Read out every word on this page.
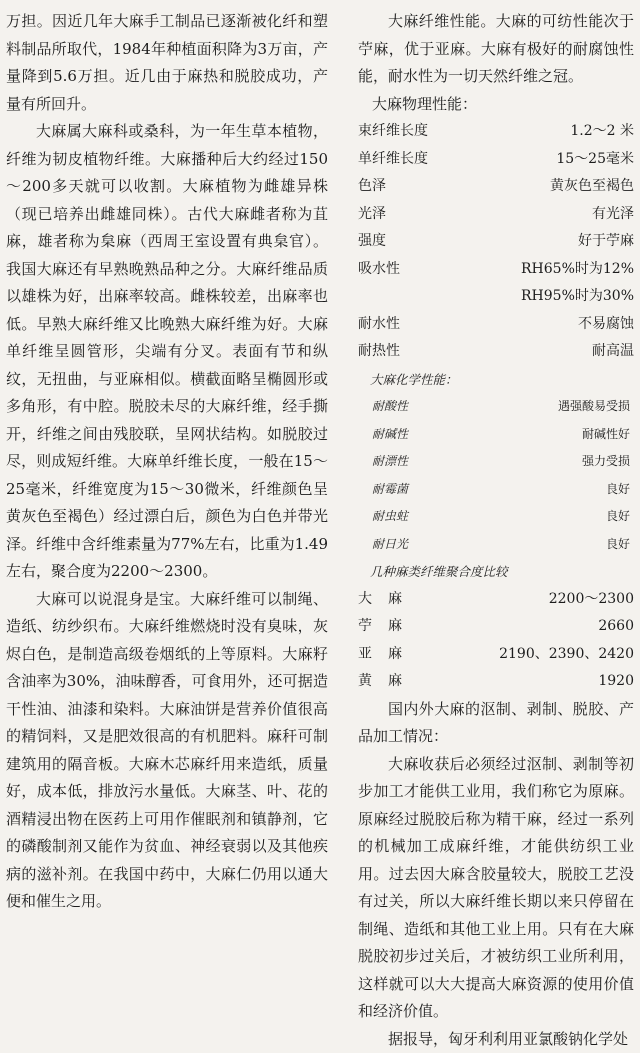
万担。因近几年大麻手工制品已逐渐被化纤和塑料制品所取代，1984年种植面积降为3万亩，产量降到5.6万担。近几由于麻热和脱胶成功，产量有所回升。

大麻属大麻科或桑科，为一年生草本植物，纤维为韧皮植物纤维。大麻播种后大约经过150～200多天就可以收割。大麻植物为雌雄异株（现已培养出雌雄同株）。古代大麻雌者称为苴麻，雄者称为枲麻（西周王室设置有典枲官）。我国大麻还有早熟晚熟品种之分。大麻纤维品质以雄株为好，出麻率较高。雌株较差，出麻率也低。早熟大麻纤维又比晚熟大麻纤维为好。大麻单纤维呈圆管形，尖端有分叉。表面有节和纵纹，无扭曲，与亚麻相似。横截面略呈椭圆形或多角形，有中腔。脱胶未尽的大麻纤维，经手撕开，纤维之间由残胶联，呈网状结构。如脱胶过尽，则成短纤维。大麻单纤维长度，一般在15～25毫米，纤维宽度为15～30微米，纤维颜色呈黄灰色至褐色）经过漂白后，颜色为白色并带光泽。纤维中含纤维素量为77%左右，比重为1.49左右，聚合度为2200～2300。

大麻可以说混身是宝。大麻纤维可以制绳、造纸、纺纱织布。大麻纤维燃烧时没有臭味，灰烬白色，是制造高级卷烟纸的上等原料。大麻籽含油率为30%，油味醇香，可食用外，还可据造干性油、油漆和染料。大麻油饼是营养价值很高的精饲料，又是肥效很高的有机肥料。麻秆可制建筑用的隔音板。大麻木芯麻纤用来造纸，质量好，成本低，排放污水量低。大麻茎、叶、花的酒精浸出物在医药上可用作催眠剂和镇静剂，它的磷酸制剂又能作为贫血、神经衰弱以及其他疾病的滋补剂。在我国中药中，大麻仁仍用以通大便和催生之用。

大麻纤维性能。大麻的可纺性能次于苧麻，优于亚麻。大麻有极好的耐腐蚀性能，耐水性为一切天然纤维之冠。

大麻物理性能：

束纤维长度	1.2～2 米
单纤维长度	15～25毫米
色泽	黄灰色至褐色
光泽	有光泽
强度	好于苧麻
吸水性	RH65%时为12%
RH95%时为30%
耐水性	不易腐蚀
耐热性	耐高温

大麻化学性能：

耐酸性	遇强酸易受损
耐碱性	耐碱性好
耐漂性	强力受损
耐霉菌	良好
耐虫蛀	良好
耐日光	良好

几种麻类纤维聚合度比较

大麻	2200～2300
苧麻	2660
亚麻	2190、2390、2420
黄麻	1920

国内外大麻的沤制、剥制、脱胶、产品加工情况：

大麻收获后必须经过沤制、剥制等初步加工才能供工业用，我们称它为原麻。原麻经过脱胶后称为精干麻，经过一系列的机械加工成麻纤维，才能供纺织工业用。过去因大麻含胶量较大，脱胶工艺没有过关，所以大麻纤维长期以来只停留在制绳、造纸和其他工业上用。只有在大麻脱胶初步过关后，才被纺织工业所利用，这样就可以大大提高大麻资源的使用价值和经济价值。

据报导，匈牙利利用亚氯酸钠化学处
